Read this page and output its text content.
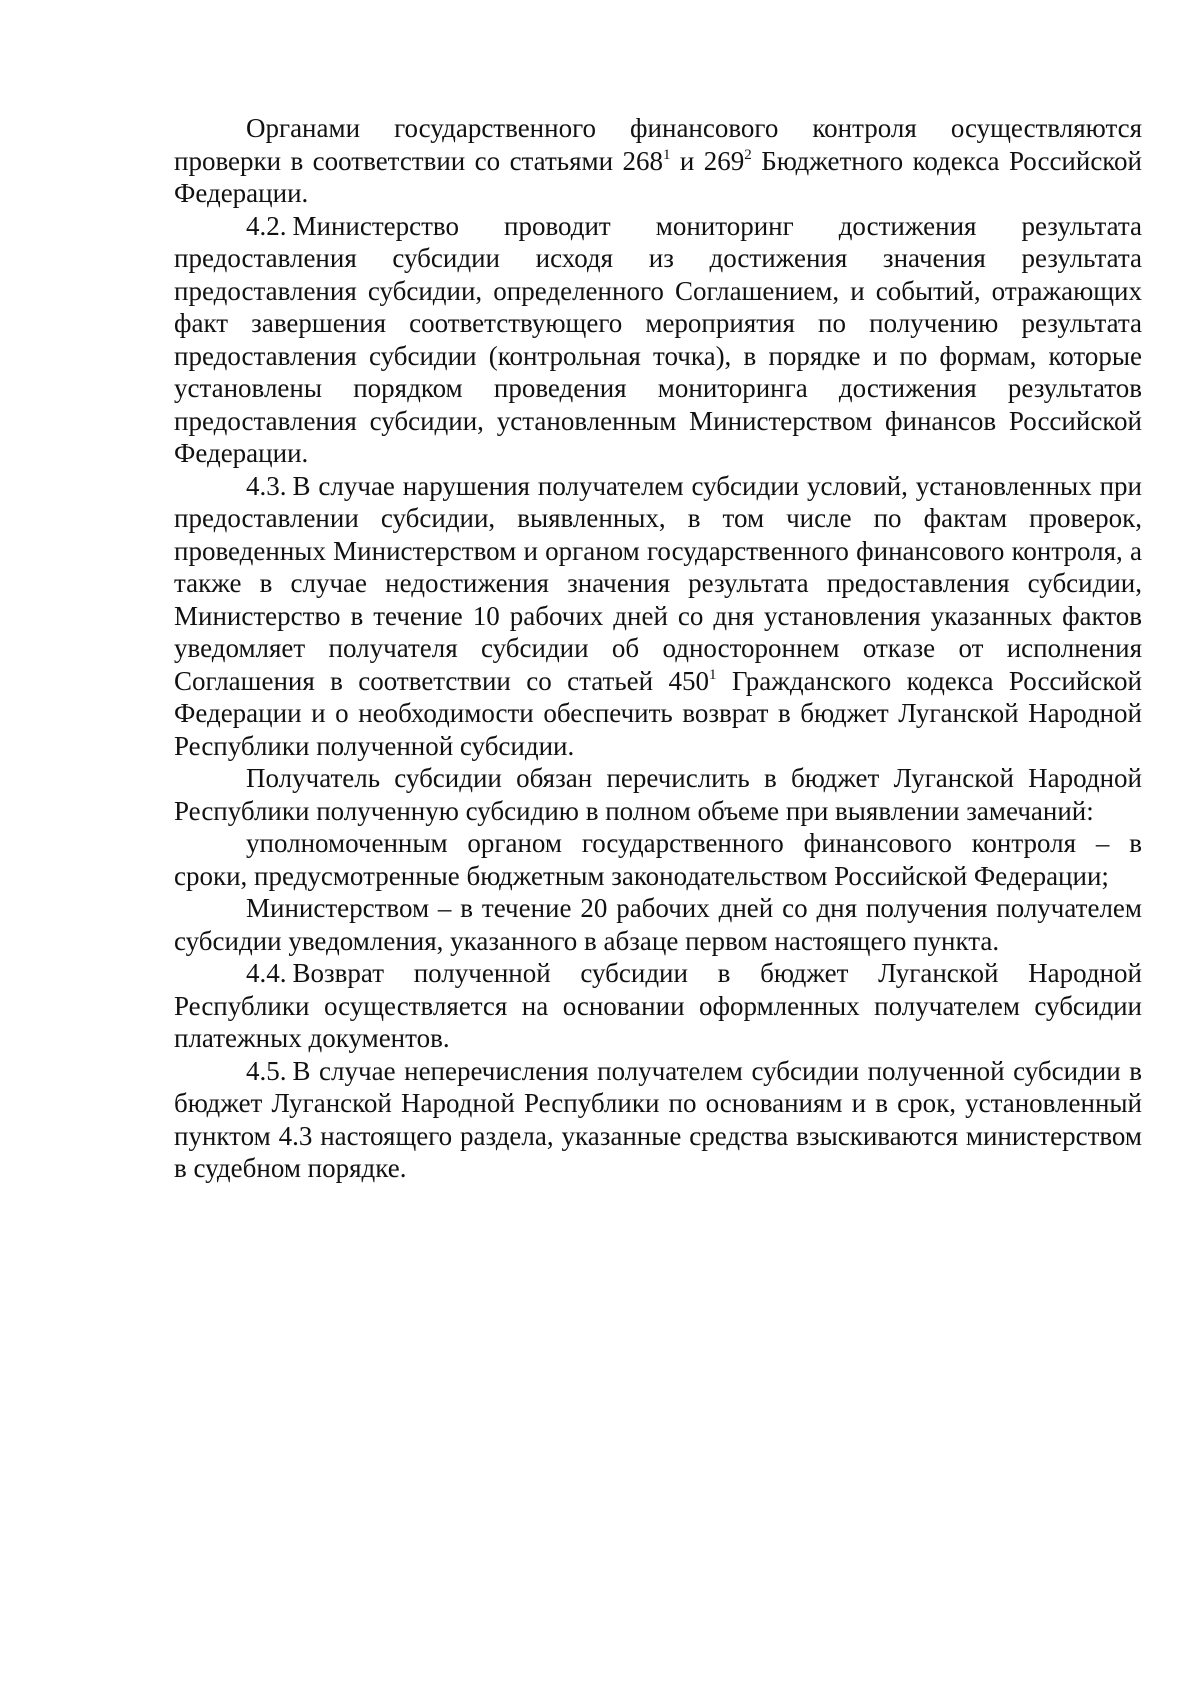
Органами государственного финансового контроля осуществляются проверки в соответствии со статьями $268^1$ и $269^2$ Бюджетного кодекса Российской Федерации.

4.2. Министерство проводит мониторинг достижения результата предоставления субсидии исходя из достижения значения результата предоставления субсидии, определенного Соглашением, и событий, отражающих факт завершения соответствующего мероприятия по получению результата предоставления субсидии (контрольная точка), в порядке и по формам, которые установлены порядком проведения мониторинга достижения результатов предоставления субсидии, установленным Министерством финансов Российской Федерации.

4.3. В случае нарушения получателем субсидии условий, установленных при предоставлении субсидии, выявленных, в том числе по фактам проверок, проведенных Министерством и органом государственного финансового контроля, а также в случае недостижения значения результата предоставления субсидии, Министерство в течение 10 рабочих дней со дня установления указанных фактов уведомляет получателя субсидии об одностороннем отказе от исполнения Соглашения в соответствии со статьей $450^1$ Гражданского кодекса Российской Федерации и о необходимости обеспечить возврат в бюджет Луганской Народной Республики полученной субсидии.

Получатель субсидии обязан перечислить в бюджет Луганской Народной Республики полученную субсидию в полном объеме при выявлении замечаний:

уполномоченным органом государственного финансового контроля – в сроки, предусмотренные бюджетным законодательством Российской Федерации;

Министерством – в течение 20 рабочих дней со дня получения получателем субсидии уведомления, указанного в абзаце первом настоящего пункта.

4.4. Возврат полученной субсидии в бюджет Луганской Народной Республики осуществляется на основании оформленных получателем субсидии платежных документов.

4.5. В случае неперечисления получателем субсидии полученной субсидии в бюджет Луганской Народной Республики по основаниям и в срок, установленный пунктом 4.3 настоящего раздела, указанные средства взыскиваются министерством в судебном порядке.
